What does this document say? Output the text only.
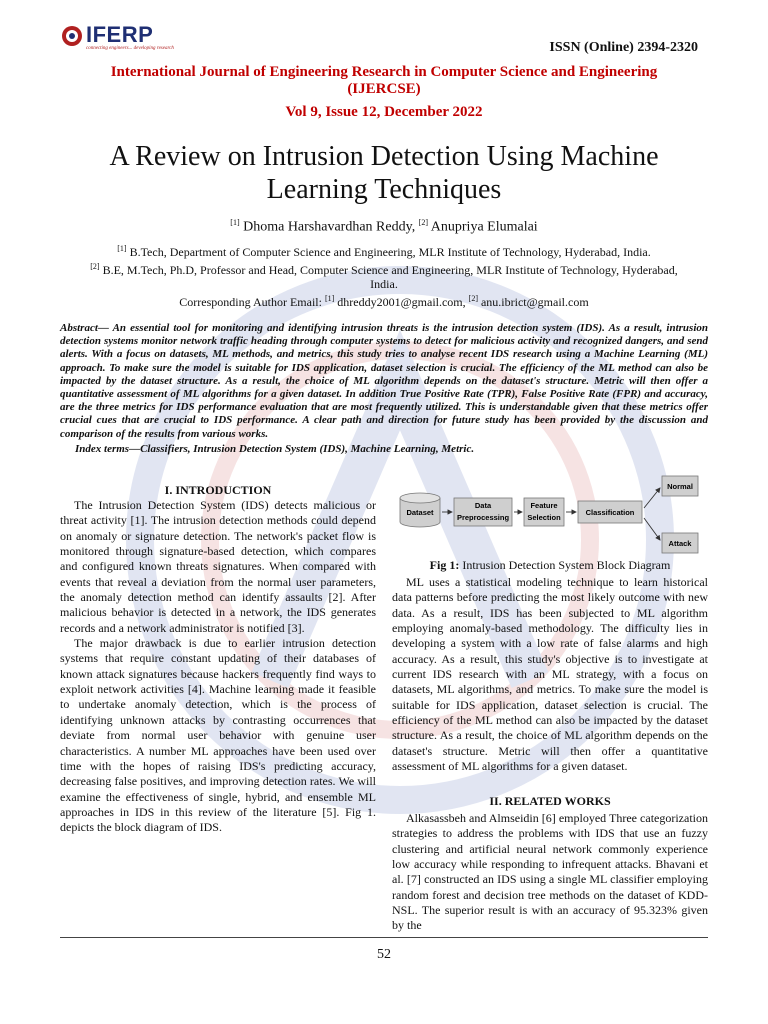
IFERP
connecting engineers... developing research	ISSN (Online) 2394-2320
International Journal of Engineering Research in Computer Science and Engineering
(IJERCSE)
Vol 9, Issue 12, December 2022
A Review on Intrusion Detection Using Machine
Learning Techniques
[1] Dhoma Harshavardhan Reddy, [2] Anupriya Elumalai
[1] B.Tech, Department of Computer Science and Engineering, MLR Institute of Technology, Hyderabad, India.
[2] B.E, M.Tech, Ph.D, Professor and Head, Computer Science and Engineering, MLR Institute of Technology, Hyderabad, India.
Corresponding Author Email: [1] dhreddy2001@gmail.com, [2] anu.ibrict@gmail.com
Abstract— An essential tool for monitoring and identifying intrusion threats is the intrusion detection system (IDS). As a result, intrusion detection systems monitor network traffic heading through computer systems to detect for malicious activity and recognized dangers, and send alerts. With a focus on datasets, ML methods, and metrics, this study tries to analyse recent IDS research using a Machine Learning (ML) approach. To make sure the model is suitable for IDS application, dataset selection is crucial. The efficiency of the ML method can also be impacted by the dataset structure. As a result, the choice of ML algorithm depends on the dataset's structure. Metric will then offer a quantitative assessment of ML algorithms for a given dataset. In addition True Positive Rate (TPR), False Positive Rate (FPR) and accuracy, are the three metrics for IDS performance evaluation that are most frequently utilized. This is understandable given that these metrics offer crucial cues that are crucial to IDS performance. A clear path and direction for future study has been provided by the discussion and comparison of the results from various works.
Index terms—Classifiers, Intrusion Detection System (IDS), Machine Learning, Metric.
I. INTRODUCTION

The Intrusion Detection System (IDS) detects malicious or threat activity [1]. The intrusion detection methods could depend on anomaly or signature detection. The network's packet flow is monitored through signature-based detection, which compares and configured known threats signatures. When compared with events that reveal a deviation from the normal user parameters, the anomaly detection method can identify assaults [2]. After malicious behavior is detected in a network, the IDS generates records and a network administrator is notified [3].

The major drawback is due to earlier intrusion detection systems that require constant updating of their databases of known attack signatures because hackers frequently find ways to exploit network activities [4]. Machine learning made it feasible to undertake anomaly detection, which is the process of identifying unknown attacks by contrasting occurrences that deviate from normal user behavior with genuine user characteristics. A number ML approaches have been used over time with the hopes of raising IDS's predicting accuracy, decreasing false positives, and improving detection rates. We will examine the effectiveness of single, hybrid, and ensemble ML approaches in IDS in this review of the literature [5]. Fig 1. depicts the block diagram of IDS.

Dataset
Data
Preprocessing
Feature
Selection
Classification
Normal
Attack
Fig 1: Intrusion Detection System Block Diagram

ML uses a statistical modeling technique to learn historical data patterns before predicting the most likely outcome with new data. As a result, IDS has been subjected to ML algorithm employing anomaly-based methodology. The difficulty lies in developing a system with a low rate of false alarms and high accuracy. As a result, this study's objective is to investigate at current IDS research with an ML strategy, with a focus on datasets, ML algorithms, and metrics. To make sure the model is suitable for IDS application, dataset selection is crucial. The efficiency of the ML method can also be impacted by the dataset structure. As a result, the choice of ML algorithm depends on the dataset's structure. Metric will then offer a quantitative assessment of ML algorithms for a given dataset.

II. RELATED WORKS

Alkasassbeh and Almseidin [6] employed Three categorization strategies to address the problems with IDS that use an fuzzy clustering and artificial neural network commonly experience low accuracy while responding to infrequent attacks. Bhavani et al. [7] constructed an IDS using a single ML classifier employing random forest and decision tree methods on the dataset of KDD-NSL. The superior result is with an accuracy of 95.323% given by the

52
